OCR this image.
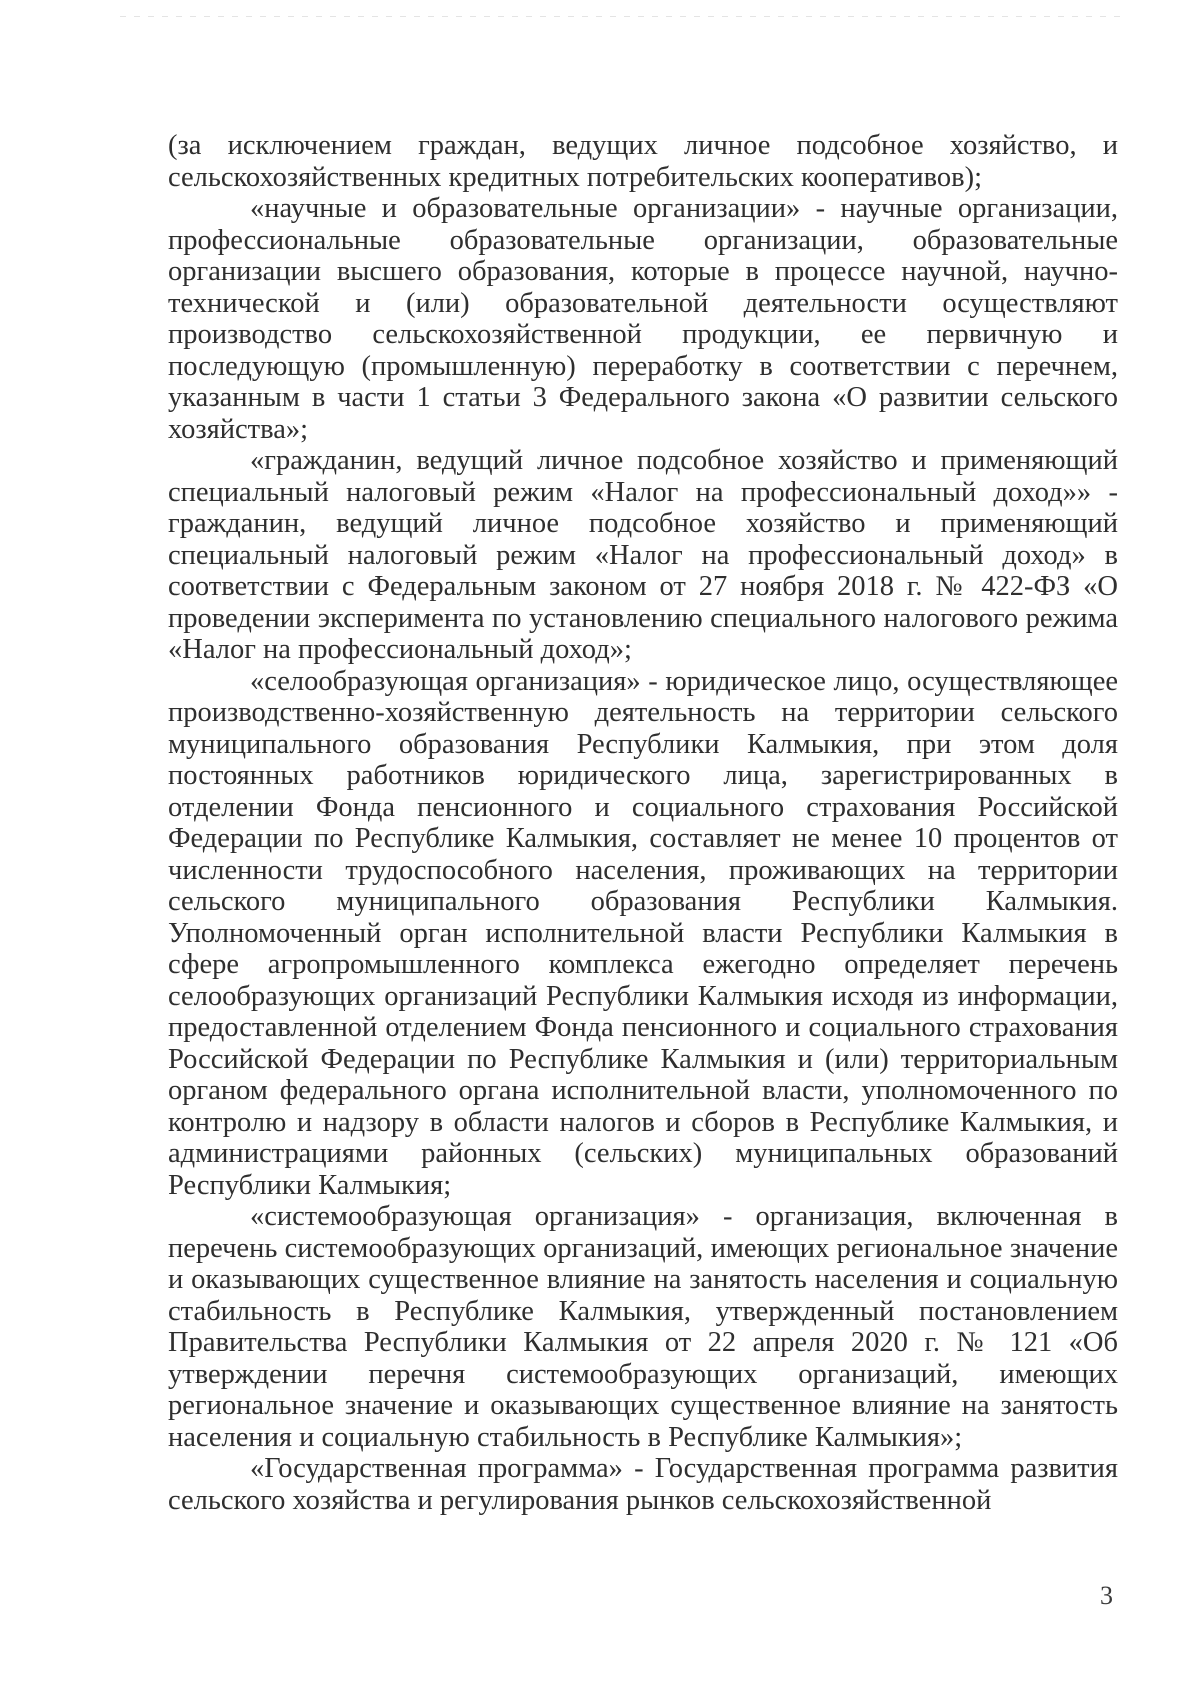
(за исключением граждан, ведущих личное подсобное хозяйство, и сельскохозяйственных кредитных потребительских кооперативов);

«научные и образовательные организации» - научные организации, профессиональные образовательные организации, образовательные организации высшего образования, которые в процессе научной, научно-технической и (или) образовательной деятельности осуществляют производство сельскохозяйственной продукции, ее первичную и последующую (промышленную) переработку в соответствии с перечнем, указанным в части 1 статьи 3 Федерального закона «О развитии сельского хозяйства»;

«гражданин, ведущий личное подсобное хозяйство и применяющий специальный налоговый режим «Налог на профессиональный доход»» - гражданин, ведущий личное подсобное хозяйство и применяющий специальный налоговый режим «Налог на профессиональный доход» в соответствии с Федеральным законом от 27 ноября 2018 г. № 422-ФЗ «О проведении эксперимента по установлению специального налогового режима «Налог на профессиональный доход»;

«селообразующая организация» - юридическое лицо, осуществляющее производственно-хозяйственную деятельность на территории сельского муниципального образования Республики Калмыкия, при этом доля постоянных работников юридического лица, зарегистрированных в отделении Фонда пенсионного и социального страхования Российской Федерации по Республике Калмыкия, составляет не менее 10 процентов от численности трудоспособного населения, проживающих на территории сельского муниципального образования Республики Калмыкия. Уполномоченный орган исполнительной власти Республики Калмыкия в сфере агропромышленного комплекса ежегодно определяет перечень селообразующих организаций Республики Калмыкия исходя из информации, предоставленной отделением Фонда пенсионного и социального страхования Российской Федерации по Республике Калмыкия и (или) территориальным органом федерального органа исполнительной власти, уполномоченного по контролю и надзору в области налогов и сборов в Республике Калмыкия, и администрациями районных (сельских) муниципальных образований Республики Калмыкия;

«системообразующая организация» - организация, включенная в перечень системообразующих организаций, имеющих региональное значение и оказывающих существенное влияние на занятость населения и социальную стабильность в Республике Калмыкия, утвержденный постановлением Правительства Республики Калмыкия от 22 апреля 2020 г. № 121 «Об утверждении перечня системообразующих организаций, имеющих региональное значение и оказывающих существенное влияние на занятость населения и социальную стабильность в Республике Калмыкия»;

«Государственная программа» - Государственная программа развития сельского хозяйства и регулирования рынков сельскохозяйственной

3
